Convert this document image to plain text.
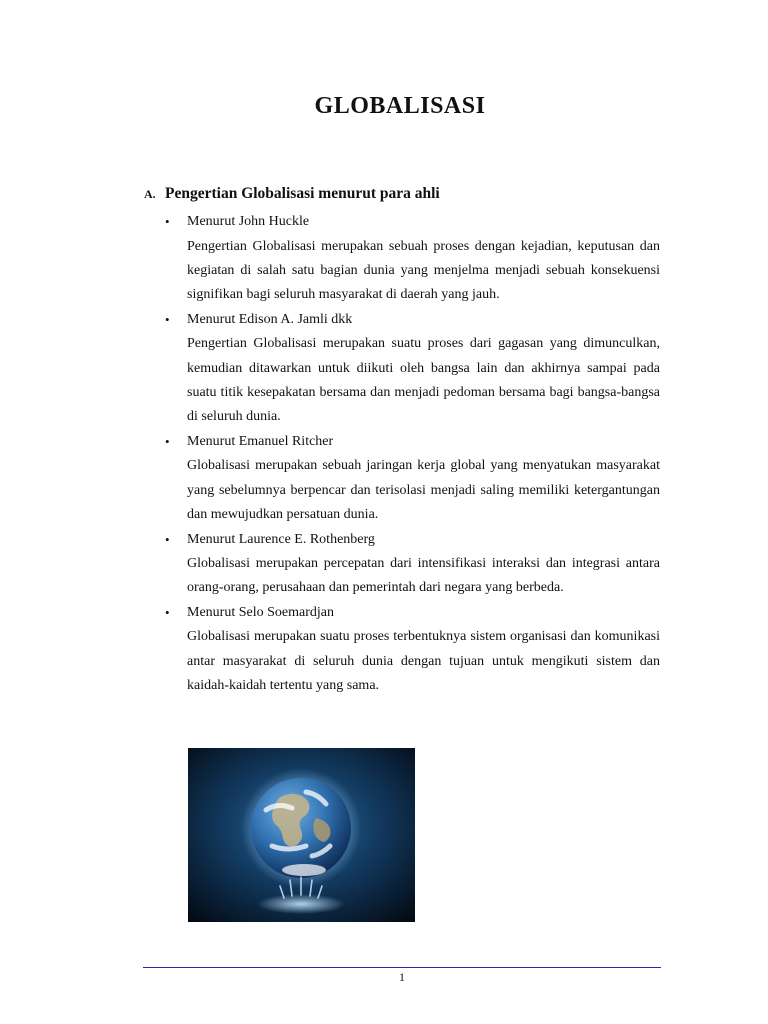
GLOBALISASI
A. Pengertian Globalisasi menurut para ahli
• Menurut John Huckle

Pengertian Globalisasi merupakan sebuah proses dengan kejadian, keputusan dan kegiatan di salah satu bagian dunia yang menjelma menjadi sebuah konsekuensi signifikan bagi seluruh masyarakat di daerah yang jauh.

• Menurut Edison A. Jamli dkk

Pengertian Globalisasi merupakan suatu proses dari gagasan yang dimunculkan, kemudian ditawarkan untuk diikuti oleh bangsa lain dan akhirnya sampai pada suatu titik kesepakatan bersama dan menjadi pedoman bersama bagi bangsa-bangsa di seluruh dunia.

• Menurut Emanuel Ritcher

Globalisasi merupakan sebuah jaringan kerja global yang menyatukan masyarakat yang sebelumnya berpencar dan terisolasi menjadi saling memiliki ketergantungan dan mewujudkan persatuan dunia.

• Menurut Laurence E. Rothenberg

Globalisasi merupakan percepatan dari intensifikasi interaksi dan integrasi antara orang-orang, perusahaan dan pemerintah dari negara yang berbeda.

• Menurut Selo Soemardjan

Globalisasi merupakan suatu proses terbentuknya sistem organisasi dan komunikasi antar masyarakat di seluruh dunia dengan tujuan untuk mengikuti sistem dan kaidah-kaidah tertentu yang sama.

1
